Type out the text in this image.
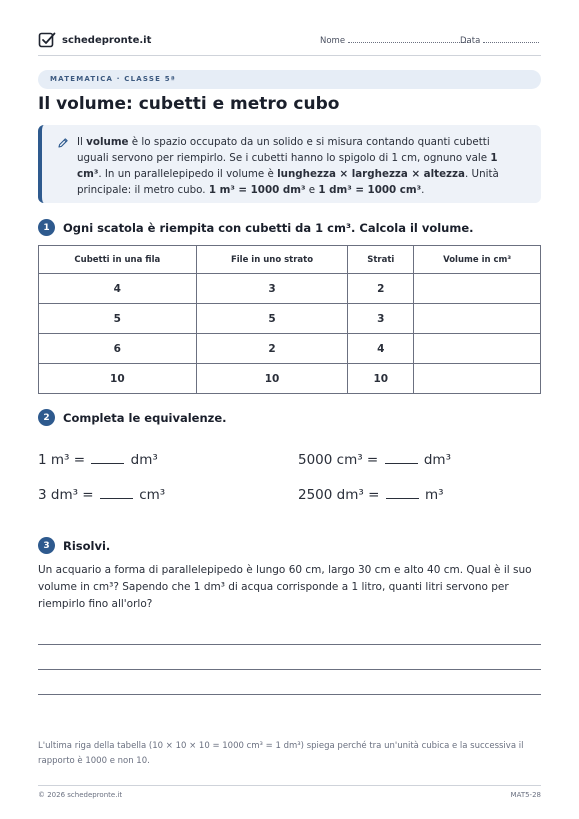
schedepronte.it	Nome	Data
MATEMATICA · CLASSE 5ª
Il volume: cubetti e metro cubo

Il volume è lo spazio occupato da un solido e si misura contando quanti cubetti uguali servono per riempirlo. Se i cubetti hanno lo spigolo di 1 cm, ognuno vale 1 cm³. In un parallelepipedo il volume è lunghezza × larghezza × altezza. Unità principale: il metro cubo. 1 m³ = 1000 dm³ e 1 dm³ = 1000 cm³.

1	Ogni scatola è riempita con cubetti da 1 cm³. Calcola il volume.
Cubetti in una fila	File in uno strato	Strati	Volume in cm³
4	3	2	
5	5	3	
6	2	4	
10	10	10	
2	Completa le equivalenze.
1 m³ =	dm³	5000 cm³ =	dm³
3 dm³ =	cm³	2500 dm³ =	m³
3	Risolvi.
Un acquario a forma di parallelepipedo è lungo 60 cm, largo 30 cm e alto 40 cm. Qual è il suo volume in cm³? Sapendo che 1 dm³ di acqua corrisponde a 1 litro, quanti litri servono per riempirlo fino all'orlo?
L'ultima riga della tabella (10 × 10 × 10 = 1000 cm³ = 1 dm³) spiega perché tra un'unità cubica e la successiva il rapporto è 1000 e non 10.
© 2026 schedepronte.it	MAT5-28
